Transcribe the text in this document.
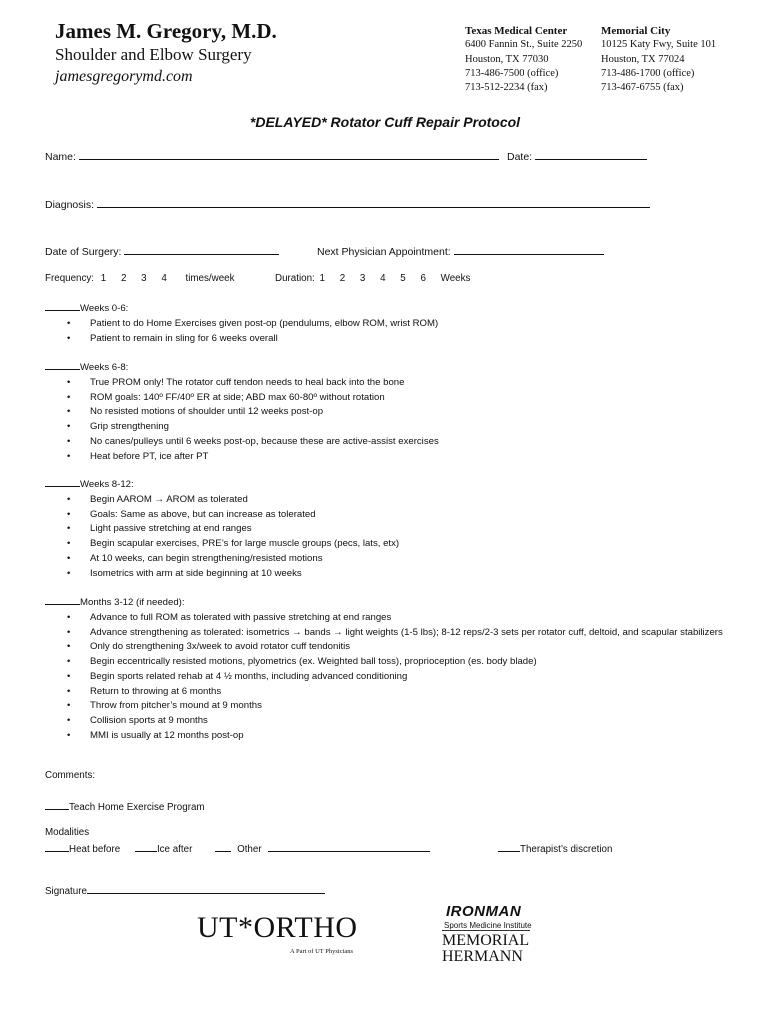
James M. Gregory, M.D.
Shoulder and Elbow Surgery
jamesgregorymd.com
Texas Medical Center
6400 Fannin St., Suite 2250
Houston, TX 77030
713-486-7500 (office)
713-512-2234 (fax)
Memorial City
10125 Katy Fwy, Suite 101
Houston, TX 77024
713-486-1700 (office)
713-467-6755 (fax)
*DELAYED* Rotator Cuff Repair Protocol
Name:	Date:
Diagnosis:
Date of Surgery:	Next Physician Appointment:
Frequency: 1 2 3 4 times/week	Duration: 1 2 3 4 5 6 Weeks
Weeks 0-6:
• Patient to do Home Exercises given post-op (pendulums, elbow ROM, wrist ROM)
• Patient to remain in sling for 6 weeks overall
Weeks 6-8:
• True PROM only! The rotator cuff tendon needs to heal back into the bone
• ROM goals: 140º FF/40º ER at side; ABD max 60-80º without rotation
• No resisted motions of shoulder until 12 weeks post-op
• Grip strengthening
• No canes/pulleys until 6 weeks post-op, because these are active-assist exercises
• Heat before PT, ice after PT
Weeks 8-12:
• Begin AAROM → AROM as tolerated
• Goals: Same as above, but can increase as tolerated
• Light passive stretching at end ranges
• Begin scapular exercises, PRE’s for large muscle groups (pecs, lats, etx)
• At 10 weeks, can begin strengthening/resisted motions
• Isometrics with arm at side beginning at 10 weeks
Months 3-12 (if needed):
• Advance to full ROM as tolerated with passive stretching at end ranges
• Advance strengthening as tolerated: isometrics → bands → light weights (1-5 lbs); 8-12 reps/2-3 sets per rotator cuff, deltoid, and scapular stabilizers
• Only do strengthening 3x/week to avoid rotator cuff tendonitis
• Begin eccentrically resisted motions, plyometrics (ex. Weighted ball toss), proprioception (es. body blade)
• Begin sports related rehab at 4 ½ months, including advanced conditioning
• Return to throwing at 6 months
• Throw from pitcher’s mound at 9 months
• Collision sports at 9 months
• MMI is usually at 12 months post-op
Comments:
Teach Home Exercise Program
Modalities
Heat before	Ice after	Other	Therapist’s discretion
Signature
UT*ORTHO
A Part of UT Physicians
IRONMAN
Sports Medicine Institute
MEMORIAL
HERMANN
